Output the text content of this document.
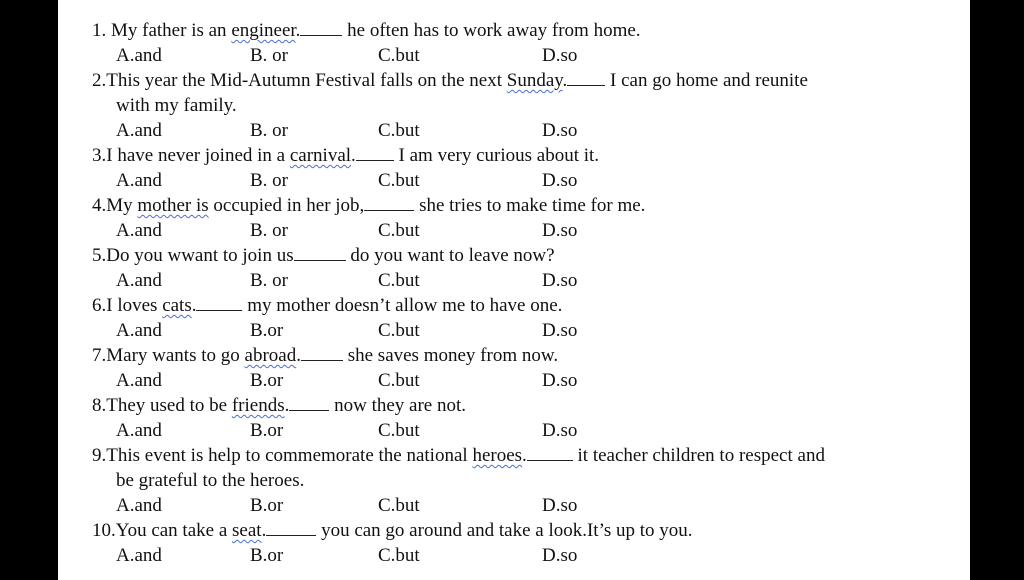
1. My father is an engineer. he often has to work away from home.
A.and	B. or	C.but	D.so
2.This year the Mid-Autumn Festival falls on the next Sunday. I can go home and reunite
with my family.
A.and	B. or	C.but	D.so
3.I have never joined in a carnival. I am very curious about it.
A.and	B. or	C.but	D.so
4.My mother is occupied in her job,	she tries to make time for me.
A.and	B. or	C.but	D.so
5.Do you wwant to join us	do you want to leave now?
A.and	B. or	C.but	D.so
6.I loves cats. my mother doesn’t allow me to have one.
A.and	B.or	C.but	D.so
7.Mary wants to go abroad. she saves money from now.
A.and	B.or	C.but	D.so
8.They used to be friends. now they are not.
A.and	B.or	C.but	D.so
9.This event is help to commemorate the national heroes. it teacher children to respect and
be grateful to the heroes.
A.and	B.or	C.but	D.so
10.You can take a seat.	you can go around and take a look.It’s up to you.
A.and	B.or	C.but	D.so
